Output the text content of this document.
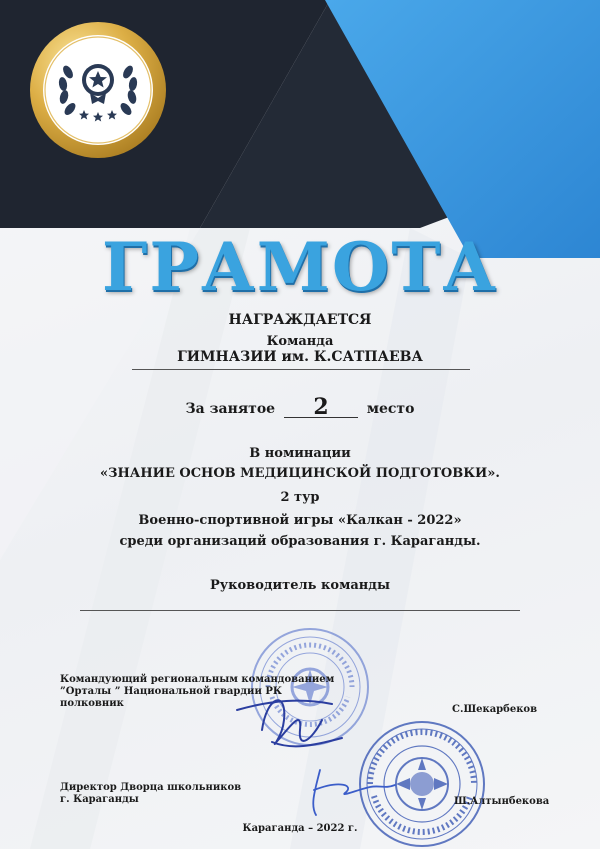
ГРАМОТА
НАГРАЖДАЕТСЯ
Команда
ГИМНАЗИИ им. К.САТПАЕВА
За занятое 2	место
В номинации
«ЗНАНИЕ ОСНОВ МЕДИЦИНСКОЙ ПОДГОТОВКИ».
2 тур
Военно-спортивной игры «Калкан - 2022»
среди организаций образования г. Караганды.
Руководитель команды
Командующий региональным командованием
”Орталы ” Национальной гвардии РК
полковник
С.Шекарбеков
Директор Дворца школьников
г. Караганды	Ш.Алтынбекова
Караганда – 2022 г.
